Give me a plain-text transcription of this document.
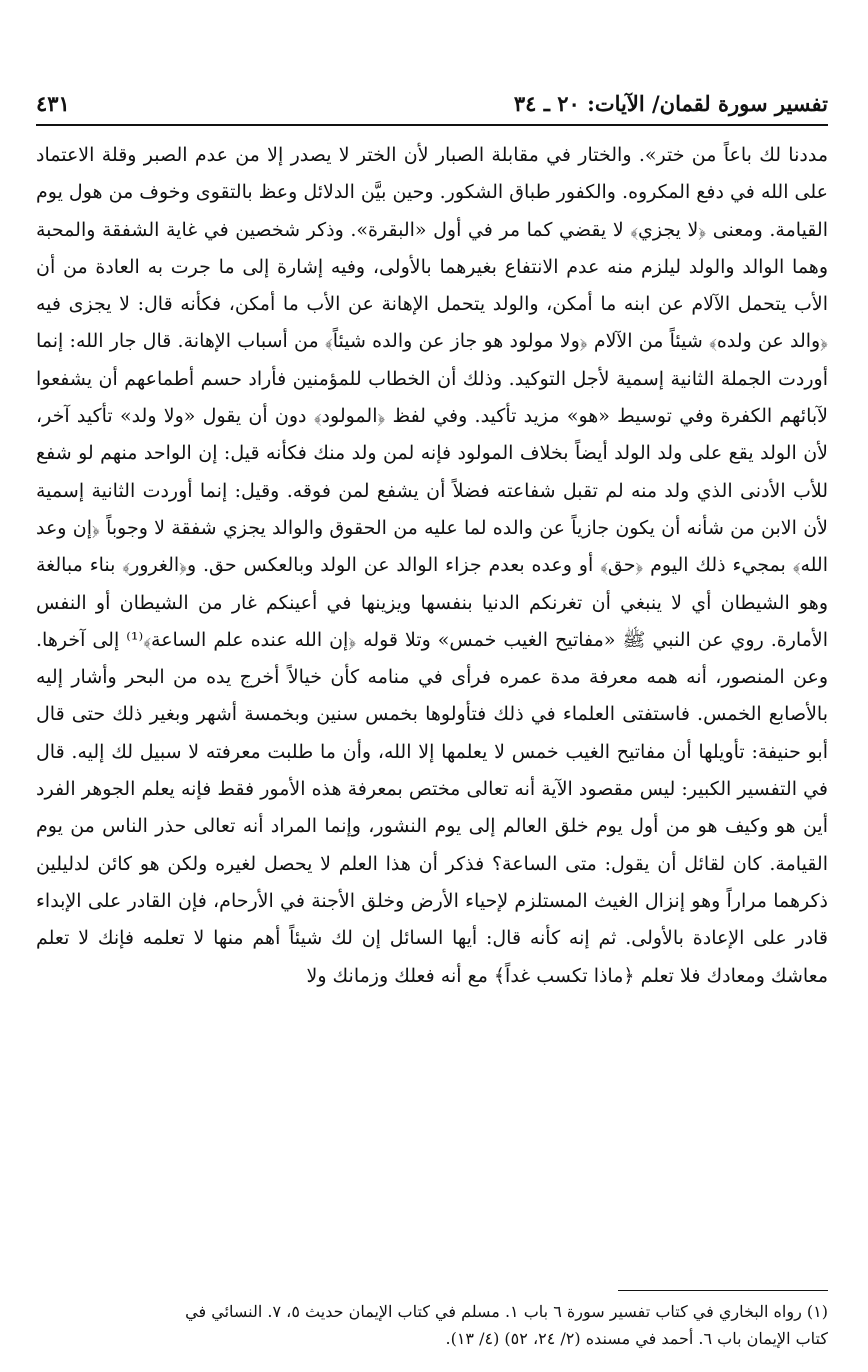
تفسير سورة لقمان/ الآيات: ٢٠ ـ ٣٤
٤٣١

مددنا لك باعاً من ختر». والختار في مقابلة الصبار لأن الختر لا يصدر إلا من عدم الصبر وقلة الاعتماد على الله في دفع المكروه. والكفور طباق الشكور. وحين بيَّن الدلائل وعظ بالتقوى وخوف من هول يوم القيامة. ومعنى ﴿لا يجزي﴾ لا يقضي كما مر في أول «البقرة». وذكر شخصين في غاية الشفقة والمحبة وهما الوالد والولد ليلزم منه عدم الانتفاع بغيرهما بالأولى، وفيه إشارة إلى ما جرت به العادة من أن الأب يتحمل الآلام عن ابنه ما أمكن، والولد يتحمل الإهانة عن الأب ما أمكن، فكأنه قال: لا يجزى فيه ﴿والد عن ولده﴾ شيئاً من الآلام ﴿ولا مولود هو جاز عن والده شيئاً﴾ من أسباب الإهانة. قال جار الله: إنما أوردت الجملة الثانية إسمية لأجل التوكيد. وذلك أن الخطاب للمؤمنين فأراد حسم أطماعهم أن يشفعوا لآبائهم الكفرة وفي توسيط «هو» مزيد تأكيد. وفي لفظ ﴿المولود﴾ دون أن يقول «ولا ولد» تأكيد آخر، لأن الولد يقع على ولد الولد أيضاً بخلاف المولود فإنه لمن ولد منك فكأنه قيل: إن الواحد منهم لو شفع للأب الأدنى الذي ولد منه لم تقبل شفاعته فضلاً أن يشفع لمن فوقه. وقيل: إنما أوردت الثانية إسمية لأن الابن من شأنه أن يكون جازياً عن والده لما عليه من الحقوق والوالد يجزي شفقة لا وجوباً ﴿إن وعد الله﴾ بمجيء ذلك اليوم ﴿حق﴾ أو وعده بعدم جزاء الوالد عن الولد وبالعكس حق. و﴿الغرور﴾ بناء مبالغة وهو الشيطان أي لا ينبغي أن تغرنكم الدنيا بنفسها ويزينها في أعينكم غار من الشيطان أو النفس الأمارة. روي عن النبي ﷺ «مفاتيح الغيب خمس» وتلا قوله ﴿إن الله عنده علم الساعة﴾⁽¹⁾ إلى آخرها. وعن المنصور، أنه همه معرفة مدة عمره فرأى في منامه كأن خيالاً أخرج يده من البحر وأشار إليه بالأصابع الخمس. فاستفتى العلماء في ذلك فتأولوها بخمس سنين وبخمسة أشهر وبغير ذلك حتى قال أبو حنيفة: تأويلها أن مفاتيح الغيب خمس لا يعلمها إلا الله، وأن ما طلبت معرفته لا سبيل لك إليه. قال في التفسير الكبير: ليس مقصود الآية أنه تعالى مختص بمعرفة هذه الأمور فقط فإنه يعلم الجوهر الفرد أين هو وكيف هو من أول يوم خلق العالم إلى يوم النشور، وإنما المراد أنه تعالى حذر الناس من يوم القيامة. كان لقائل أن يقول: متى الساعة؟ فذكر أن هذا العلم لا يحصل لغيره ولكن هو كائن لدليلين ذكرهما مراراً وهو إنزال الغيث المستلزم لإحياء الأرض وخلق الأجنة في الأرحام، فإن القادر على الإبداء قادر على الإعادة بالأولى. ثم إنه كأنه قال: أيها السائل إن لك شيئاً أهم منها لا تعلمه فإنك لا تعلم معاشك ومعادك فلا تعلم ﴿ماذا تكسب غداً﴾ مع أنه فعلك وزمانك ولا

(١) رواه البخاري في كتاب تفسير سورة ٦ باب ١. مسلم في كتاب الإيمان حديث ٥، ٧. النسائي في

كتاب الإيمان باب ٦. أحمد في مسنده (٢/ ٢٤، ٥٢) (٤/ ١٣).
